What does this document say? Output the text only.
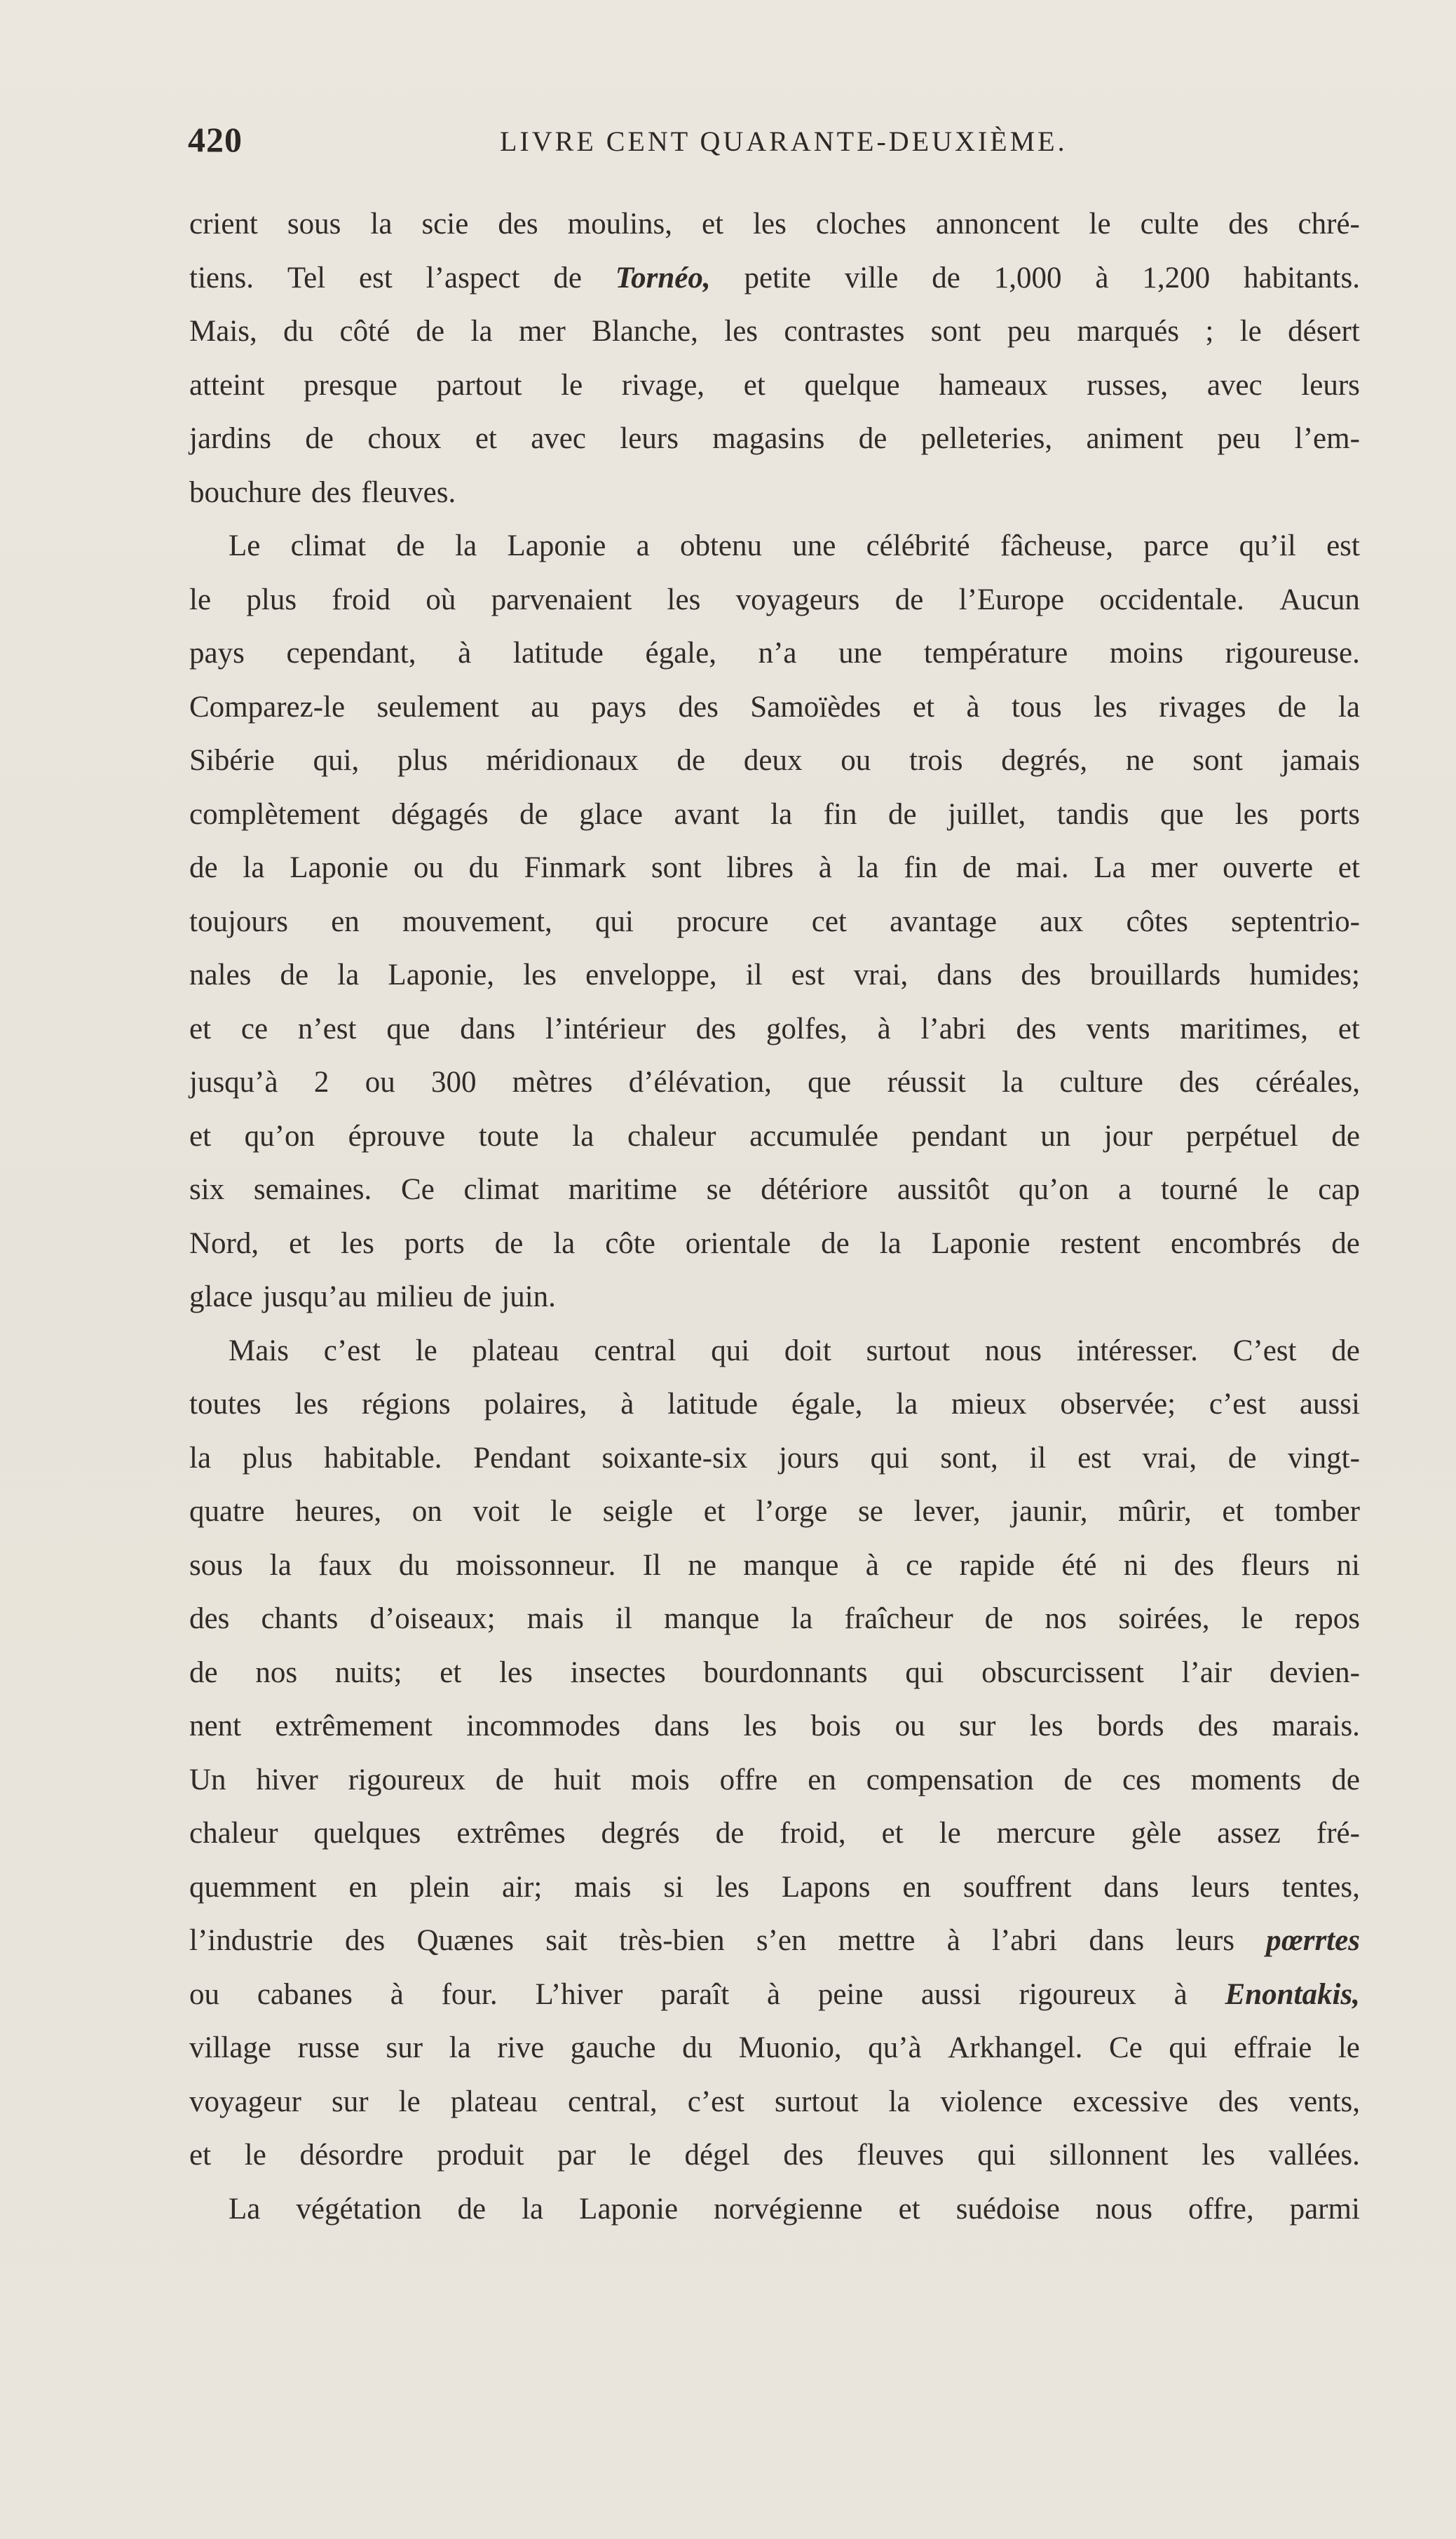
420	LIVRE CENT QUARANTE-DEUXIÈME.
crient sous la scie des moulins, et les cloches annoncent le culte des chré-
tiens. Tel est l’aspect de Tornéo, petite ville de 1,000 à 1,200 habitants.
Mais, du côté de la mer Blanche, les contrastes sont peu marqués ; le désert
atteint presque partout le rivage, et quelque hameaux russes, avec leurs
jardins de choux et avec leurs magasins de pelleteries, animent peu l’em-
bouchure des fleuves.
Le climat de la Laponie a obtenu une célébrité fâcheuse, parce qu’il est
le plus froid où parvenaient les voyageurs de l’Europe occidentale. Aucun
pays cependant, à latitude égale, n’a une température moins rigoureuse.
Comparez-le seulement au pays des Samoïèdes et à tous les rivages de la
Sibérie qui, plus méridionaux de deux ou trois degrés, ne sont jamais
complètement dégagés de glace avant la fin de juillet, tandis que les ports
de la Laponie ou du Finmark sont libres à la fin de mai. La mer ouverte et
toujours en mouvement, qui procure cet avantage aux côtes septentrio-
nales de la Laponie, les enveloppe, il est vrai, dans des brouillards humides;
et ce n’est que dans l’intérieur des golfes, à l’abri des vents maritimes, et
jusqu’à 2 ou 300 mètres d’élévation, que réussit la culture des céréales,
et qu’on éprouve toute la chaleur accumulée pendant un jour perpétuel de
six semaines. Ce climat maritime se détériore aussitôt qu’on a tourné le cap
Nord, et les ports de la côte orientale de la Laponie restent encombrés de
glace jusqu’au milieu de juin.
Mais c’est le plateau central qui doit surtout nous intéresser. C’est de
toutes les régions polaires, à latitude égale, la mieux observée; c’est aussi
la plus habitable. Pendant soixante-six jours qui sont, il est vrai, de vingt-
quatre heures, on voit le seigle et l’orge se lever, jaunir, mûrir, et tomber
sous la faux du moissonneur. Il ne manque à ce rapide été ni des fleurs ni
des chants d’oiseaux; mais il manque la fraîcheur de nos soirées, le repos
de nos nuits; et les insectes bourdonnants qui obscurcissent l’air devien-
nent extrêmement incommodes dans les bois ou sur les bords des marais.
Un hiver rigoureux de huit mois offre en compensation de ces moments de
chaleur quelques extrêmes degrés de froid, et le mercure gèle assez fré-
quemment en plein air; mais si les Lapons en souffrent dans leurs tentes,
l’industrie des Quænes sait très-bien s’en mettre à l’abri dans leurs pœrrtes
ou cabanes à four. L’hiver paraît à peine aussi rigoureux à Enontakis,
village russe sur la rive gauche du Muonio, qu’à Arkhangel. Ce qui effraie le
voyageur sur le plateau central, c’est surtout la violence excessive des vents,
et le désordre produit par le dégel des fleuves qui sillonnent les vallées.
La végétation de la Laponie norvégienne et suédoise nous offre, parmi
